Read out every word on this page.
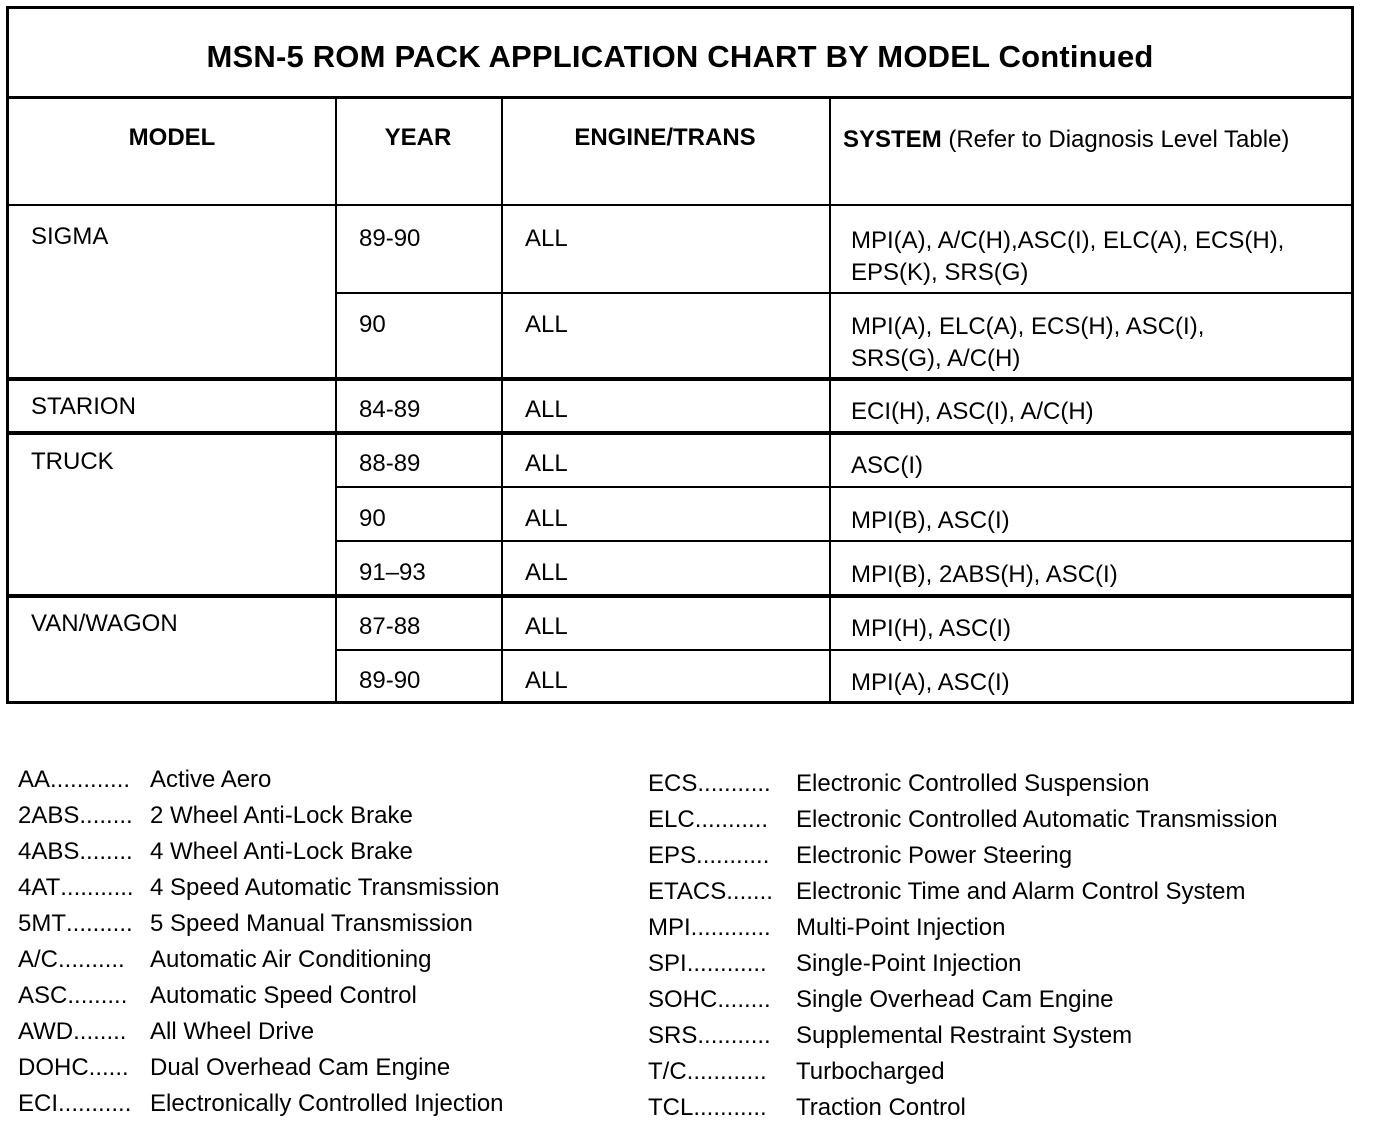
MSN-5 ROM PACK APPLICATION CHART BY MODEL Continued
MODEL	YEAR	ENGINE/TRANS	SYSTEM (Refer to Diagnosis Level Table)
SIGMA	89-90	ALL	MPI(A), A/C(H),ASC(I), ELC(A), ECS(H),
EPS(K), SRS(G)
90	ALL	MPI(A), ELC(A), ECS(H), ASC(I),
SRS(G), A/C(H)
STARION	84-89	ALL	ECI(H), ASC(I), A/C(H)
TRUCK	88-89	ALL	ASC(I)
90	ALL	MPI(B), ASC(I)
91–93	ALL	MPI(B), 2ABS(H), ASC(I)
VAN/WAGON	87-88	ALL	MPI(H), ASC(I)
89-90	ALL	MPI(A), ASC(I)
AA............ Active Aero
2ABS........ 2 Wheel Anti-Lock Brake
4ABS........ 4 Wheel Anti-Lock Brake
4AT........... 4 Speed Automatic Transmission
5MT.......... 5 Speed Manual Transmission
A/C.......... Automatic Air Conditioning
ASC......... Automatic Speed Control
AWD........ All Wheel Drive
DOHC...... Dual Overhead Cam Engine
ECI........... Electronically Controlled Injection
ECS........... Electronic Controlled Suspension
ELC........... Electronic Controlled Automatic Transmission
EPS........... Electronic Power Steering
ETACS....... Electronic Time and Alarm Control System
MPI............ Multi-Point Injection
SPI............ Single-Point Injection
SOHC........ Single Overhead Cam Engine
SRS........... Supplemental Restraint System
T/C............ Turbocharged
TCL........... Traction Control
